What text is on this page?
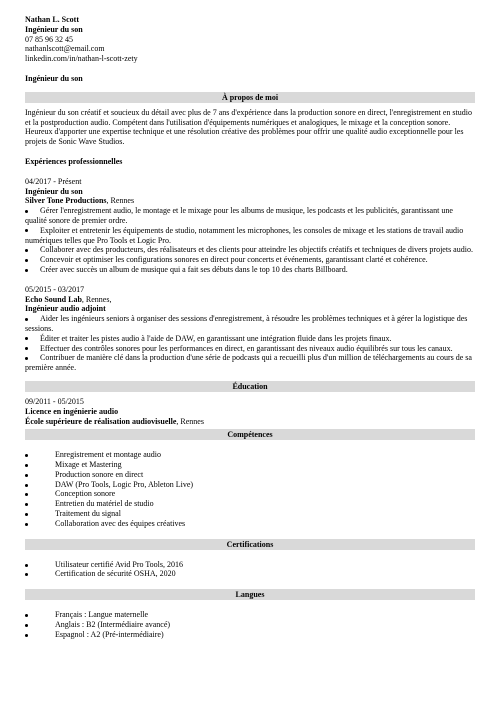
Nathan L. Scott
Ingénieur du son
07 85 96 32 45
nathanlscott@email.com
linkedin.com/in/nathan-l-scott-zety
Ingénieur du son
À propos de moi

Ingénieur du son créatif et soucieux du détail avec plus de 7 ans d'expérience dans la production sonore en direct, l'enregistrement en studio et la postproduction audio. Compétent dans l'utilisation d'équipements numériques et analogiques, le mixage et la conception sonore. Heureux d'apporter une expertise technique et une résolution créative des problèmes pour offrir une qualité audio exceptionnelle pour les projets de Sonic Wave Studios.

Expériences professionnelles
04/2017 - Présent
Ingénieur du son
Silver Tone Productions, Rennes
Gérer l'enregistrement audio, le montage et le mixage pour les albums de musique, les podcasts et les publicités, garantissant une qualité sonore de premier ordre.
Exploiter et entretenir les équipements de studio, notamment les microphones, les consoles de mixage et les stations de travail audio numériques telles que Pro Tools et Logic Pro.
Collaborer avec des producteurs, des réalisateurs et des clients pour atteindre les objectifs créatifs et techniques de divers projets audio.
Concevoir et optimiser les configurations sonores en direct pour concerts et événements, garantissant clarté et cohérence.
Créer avec succès un album de musique qui a fait ses débuts dans le top 10 des charts Billboard.
05/2015 - 03/2017
Echo Sound Lab, Rennes,
Ingénieur audio adjoint
Aider les ingénieurs seniors à organiser des sessions d'enregistrement, à résoudre les problèmes techniques et à gérer la logistique des sessions.
Éditer et traiter les pistes audio à l'aide de DAW, en garantissant une intégration fluide dans les projets finaux.
Effectuer des contrôles sonores pour les performances en direct, en garantissant des niveaux audio équilibrés sur tous les canaux.
Contribuer de manière clé dans la production d'une série de podcasts qui a recueilli plus d'un million de téléchargements au cours de sa première année.
Éducation
09/2011 - 05/2015
Licence en ingénierie audio
École supérieure de réalisation audiovisuelle, Rennes
Compétences
Enregistrement et montage audio
Mixage et Mastering
Production sonore en direct
DAW (Pro Tools, Logic Pro, Ableton Live)
Conception sonore
Entretien du matériel de studio
Traitement du signal
Collaboration avec des équipes créatives
Certifications
Utilisateur certifié Avid Pro Tools, 2016
Certification de sécurité OSHA, 2020
Langues
Français : Langue maternelle
Anglais : B2 (Intermédiaire avancé)
Espagnol : A2 (Pré-intermédiaire)
